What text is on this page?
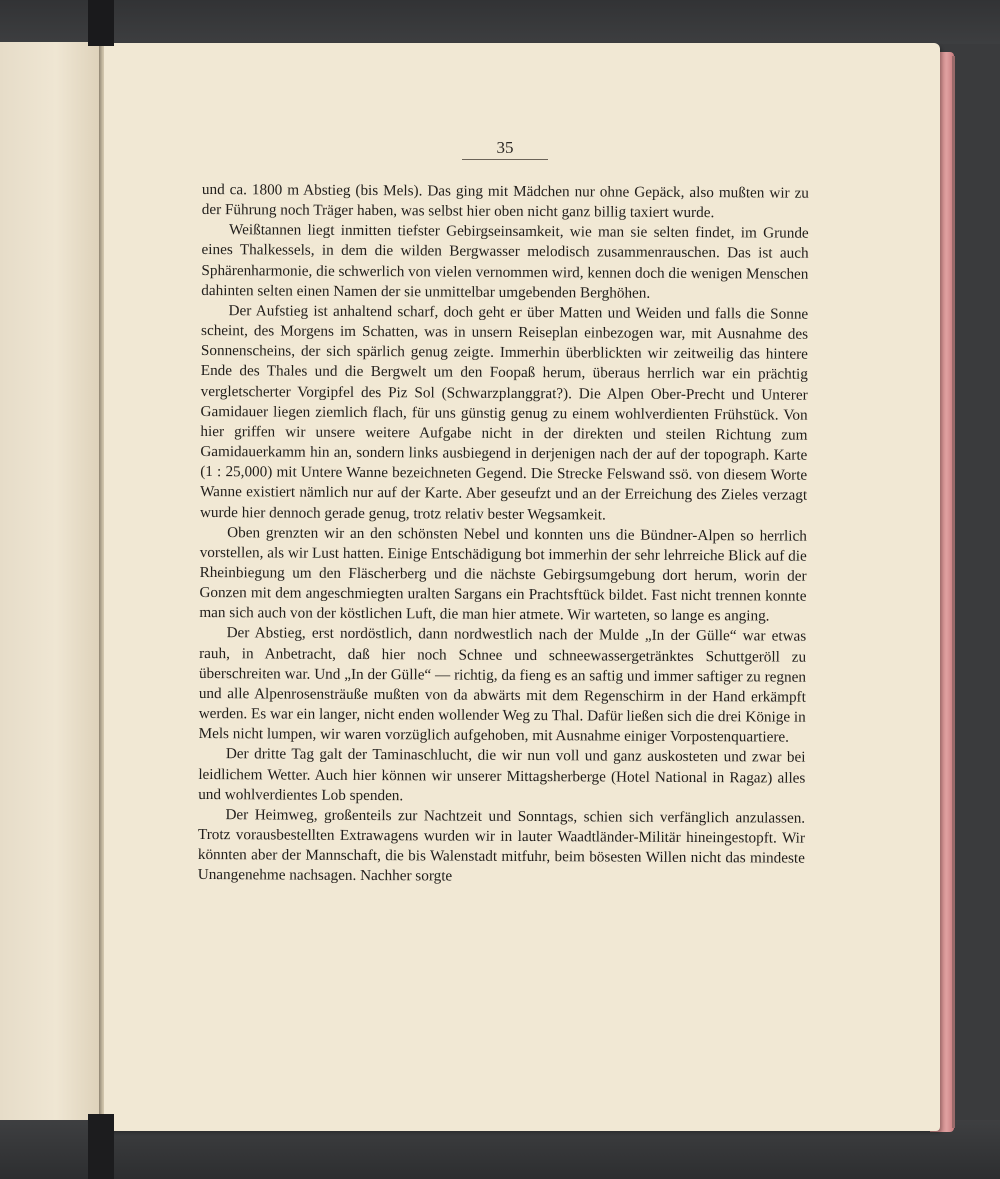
35

und ca. 1800 m Abstieg (bis Mels). Das ging mit Mädchen nur ohne Gepäck, also mußten wir zu der Führung noch Träger haben, was selbst hier oben nicht ganz billig taxiert wurde.

Weißtannen liegt inmitten tiefster Gebirgseinsamkeit, wie man sie selten findet, im Grunde eines Thalkessels, in dem die wilden Bergwasser melodisch zusammenrauschen. Das ist auch Sphärenharmonie, die schwerlich von vielen vernommen wird, kennen doch die wenigen Menschen dahinten selten einen Namen der sie unmittelbar umgebenden Berghöhen.

Der Aufstieg ist anhaltend scharf, doch geht er über Matten und Weiden und falls die Sonne scheint, des Morgens im Schatten, was in unsern Reiseplan einbezogen war, mit Ausnahme des Sonnenscheins, der sich spärlich genug zeigte. Immerhin überblickten wir zeitweilig das hintere Ende des Thales und die Bergwelt um den Foopaß herum, überaus herrlich war ein prächtig vergletscherter Vorgipfel des Piz Sol (Schwarzplanggrat?). Die Alpen Ober-Precht und Unterer Gamidauer liegen ziemlich flach, für uns günstig genug zu einem wohlverdienten Frühstück. Von hier griffen wir unsere weitere Aufgabe nicht in der direkten und steilen Richtung zum Gamidauerkamm hin an, sondern links ausbiegend in derjenigen nach der auf der topograph. Karte (1 : 25,000) mit Untere Wanne bezeichneten Gegend. Die Strecke Felswand ssö. von diesem Worte Wanne existiert nämlich nur auf der Karte. Aber geseufzt und an der Erreichung des Zieles verzagt wurde hier dennoch gerade genug, trotz relativ bester Wegsamkeit.

Oben grenzten wir an den schönsten Nebel und konnten uns die Bündner-Alpen so herrlich vorstellen, als wir Lust hatten. Einige Entschädigung bot immerhin der sehr lehrreiche Blick auf die Rheinbiegung um den Fläscherberg und die nächste Gebirgsumgebung dort herum, worin der Gonzen mit dem angeschmiegten uralten Sargans ein Prachtsftück bildet. Fast nicht trennen konnte man sich auch von der köstlichen Luft, die man hier atmete. Wir warteten, so lange es anging.

Der Abstieg, erst nordöstlich, dann nordwestlich nach der Mulde „In der Gülle“ war etwas rauh, in Anbetracht, daß hier noch Schnee und schneewassergetränktes Schuttgeröll zu überschreiten war. Und „In der Gülle“ — richtig, da fieng es an saftig und immer saftiger zu regnen und alle Alpenrosensträuße mußten von da abwärts mit dem Regenschirm in der Hand erkämpft werden. Es war ein langer, nicht enden wollender Weg zu Thal. Dafür ließen sich die drei Könige in Mels nicht lumpen, wir waren vorzüglich aufgehoben, mit Ausnahme einiger Vorpostenquartiere.

Der dritte Tag galt der Taminaschlucht, die wir nun voll und ganz auskosteten und zwar bei leidlichem Wetter. Auch hier können wir unserer Mittagsherberge (Hotel National in Ragaz) alles und wohlverdientes Lob spenden.

Der Heimweg, großenteils zur Nachtzeit und Sonntags, schien sich verfänglich anzulassen. Trotz vorausbestellten Extrawagens wurden wir in lauter Waadtländer-Militär hineingestopft. Wir könnten aber der Mannschaft, die bis Walenstadt mitfuhr, beim bösesten Willen nicht das mindeste Unangenehme nachsagen. Nachher sorgte
